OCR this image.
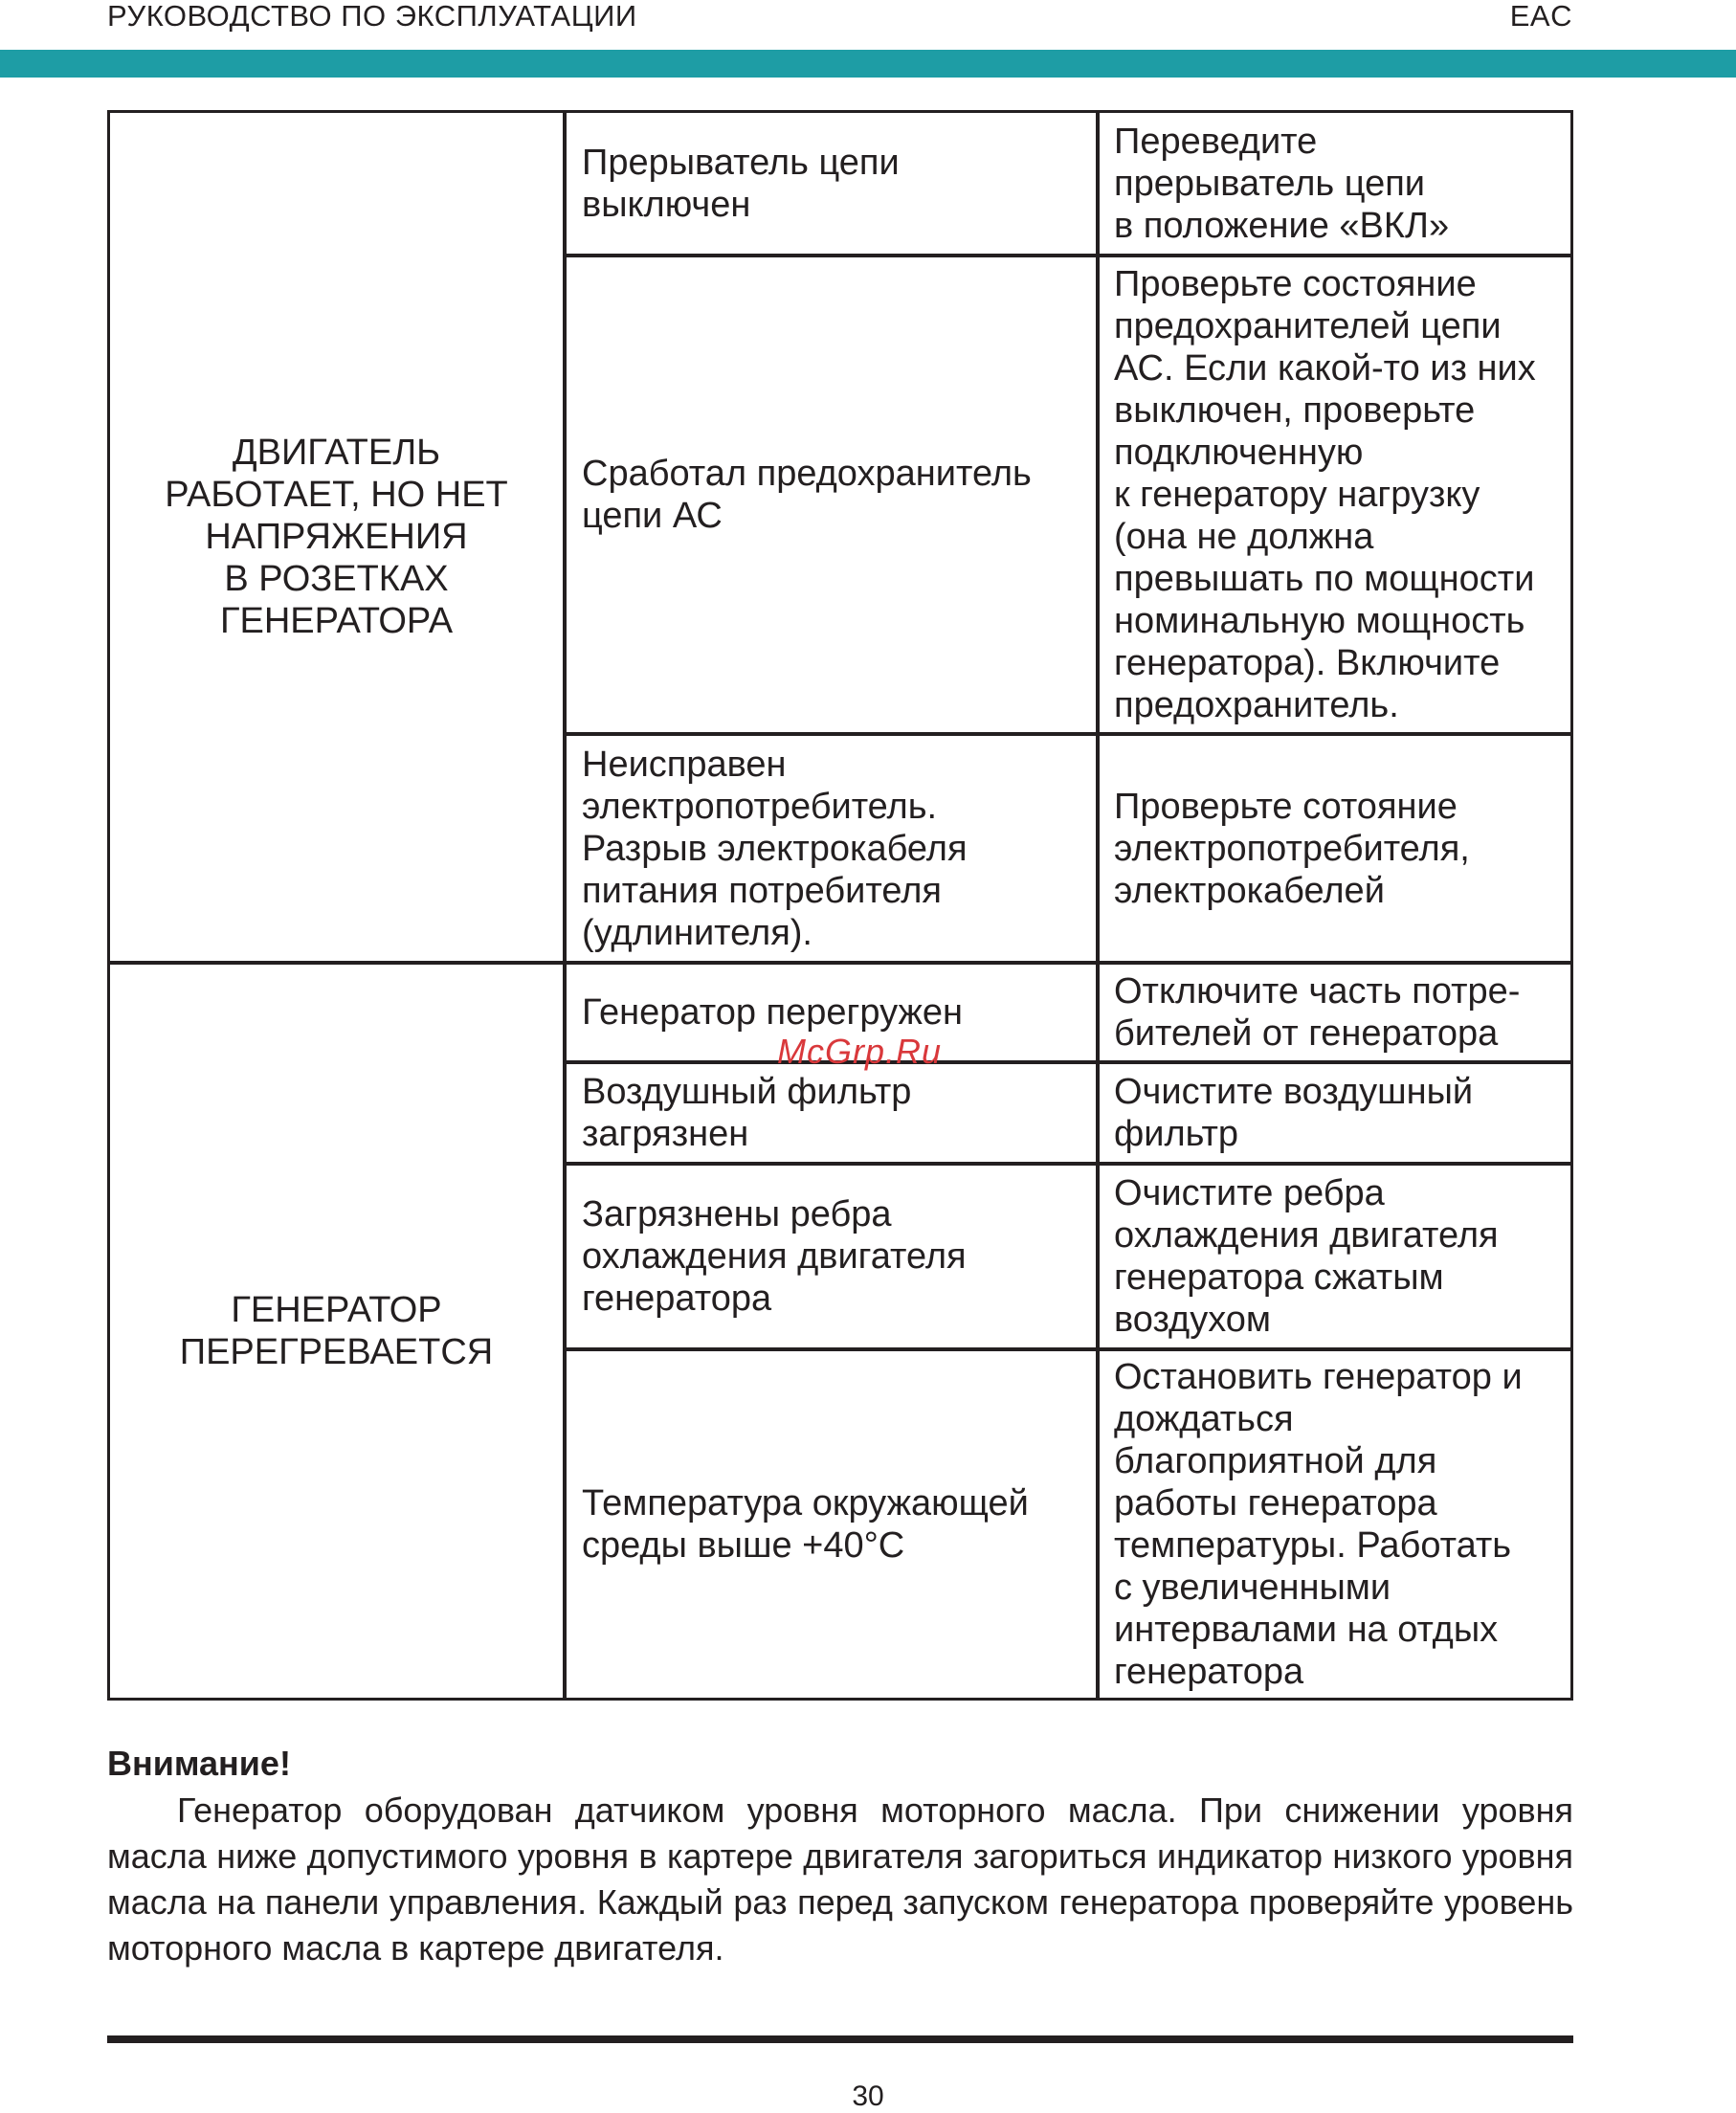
РУКОВОДСТВО ПО ЭКСПЛУАТАЦИИ	EAC
ДВИГАТЕЛЬ
РАБОТАЕТ, НО НЕТ
НАПРЯЖЕНИЯ
В РОЗЕТКАХ
ГЕНЕРАТОРА
Прерыватель цепи
выключен
Переведите
прерыватель цепи
в положение «ВКЛ»
Сработал предохранитель
цепи АС
Проверьте состояние
предохранителей цепи
АС. Если какой-то из них
выключен, проверьте
подключенную
к генератору нагрузку
(она не должна
превышать по мощности
номинальную мощность
генератора). Включите
предохранитель.
Неисправен
электропотребитель.
Разрыв электрокабеля
питания потребителя
(удлинителя).
Проверьте сотояние
электропотребителя,
электрокабелей
ГЕНЕРАТОР
ПЕРЕГРЕВАЕТСЯ
Генератор перегружен
Отключите часть потре-
бителей от генератора
Воздушный фильтр
загрязнен
Очистите воздушный
фильтр
Загрязнены ребра
охлаждения двигателя
генератора
Очистите ребра
охлаждения двигателя
генератора сжатым
воздухом
Температура окружающей
среды выше +40°С
Остановить генератор и
дождаться
благоприятной для
работы генератора
температуры. Работать
с увеличенными
интервалами на отдых
генератора
McGrp.Ru
Внимание!
Генератор оборудован датчиком уровня моторного масла. При снижении уровня масла ниже допустимого уровня в картере двигателя загориться индикатор низкого уровня масла на панели управления. Каждый раз перед запуском генератора проверяйте уровень моторного масла в картере двигателя.
30
